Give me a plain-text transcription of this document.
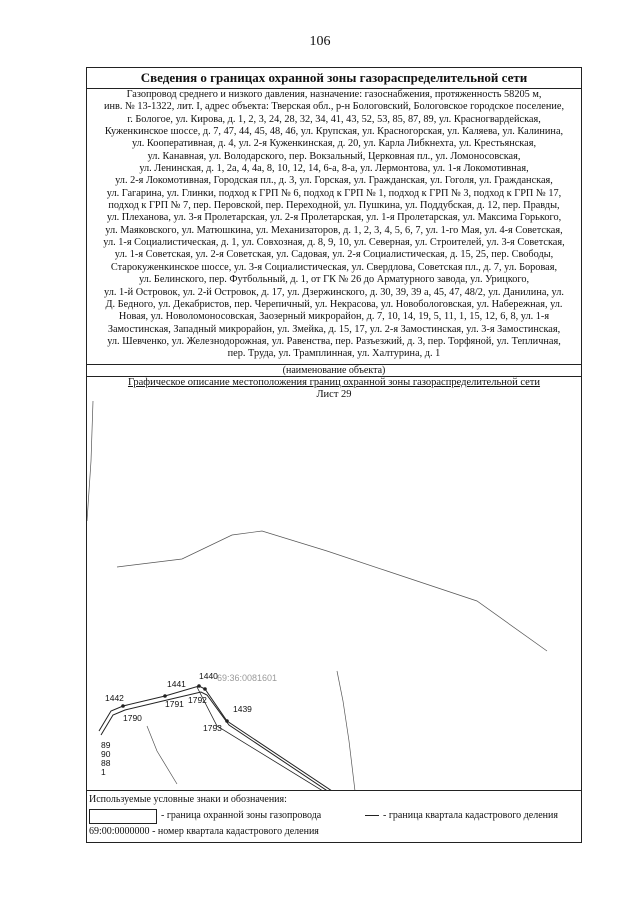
106
Сведения о границах охранной зоны газораспределительной сети
Газопровод среднего и низкого давления, назначение: газоснабжения, протяженность 58205 м,
инв. № 13-1322, лит. I, адрес объекта: Тверская обл., р-н Бологовский, Бологовское городское поселение,
г. Бологое, ул. Кирова, д. 1, 2, 3, 24, 28, 32, 34, 41, 43, 52, 53, 85, 87, 89, ул. Красногвардейская,
Куженкинское шоссе, д. 7, 47, 44, 45, 48, 46, ул. Крупская, ул. Красногорская, ул. Каляева, ул. Калинина,
ул. Кооперативная, д. 4, ул. 2-я Куженкинская, д. 20, ул. Карла Либкнехта, ул. Крестьянская,
ул. Канавная, ул. Володарского, пер. Вокзальный, Церковная пл., ул. Ломоносовская,
ул. Ленинская, д. 1, 2а, 4, 4а, 8, 10, 12, 14, 6-а, 8-а, ул. Лермонтова, ул. 1-я Локомотивная,
ул. 2-я Локомотивная, Городская пл., д. 3, ул. Горская, ул. Гражданская, ул. Гоголя, ул. Гражданская,
ул. Гагарина, ул. Глинки, подход к ГРП № 6, подход к ГРП № 1, подход к ГРП № 3, подход к ГРП № 17,
подход к ГРП № 7, пер. Перовской, пер. Переходной, ул. Пушкина, ул. Поддубская, д. 12, пер. Правды,
ул. Плеханова, ул. 3-я Пролетарская, ул. 2-я Пролетарская, ул. 1-я Пролетарская, ул. Максима Горького,
ул. Маяковского, ул. Матюшкина, ул. Механизаторов, д. 1, 2, 3, 4, 5, 6, 7, ул. 1-го Мая, ул. 4-я Советская,
ул. 1-я Социалистическая, д. 1, ул. Совхозная, д. 8, 9, 10, ул. Северная, ул. Строителей, ул. 3-я Советская,
ул. 1-я Советская, ул. 2-я Советская, ул. Садовая, ул. 2-я Социалистическая, д. 15, 25, пер. Свободы,
Старокуженкинское шоссе, ул. 3-я Социалистическая, ул. Свердлова, Советская пл., д. 7, ул. Боровая,
ул. Белинского, пер. Футбольный, д. 1, от ГК № 26 до Арматурного завода, ул. Урицкого,
ул. 1-й Островок, ул. 2-й Островок, д. 17, ул. Дзержинского, д. 30, 39, 39 а, 45, 47, 48/2, ул. Данилина, ул.
Д. Бедного, ул. Декабристов, пер. Черепичный, ул. Некрасова, ул. Новобологовская, ул. Набережная, ул.
Новая, ул. Новоломоносовская, Заозерный микрорайон, д. 7, 10, 14, 19, 5, 11, 1, 15, 12, 6, 8, ул. 1-я
Замостинская, Западный микрорайон, ул. Змейка, д. 15, 17, ул. 2-я Замостинская, ул. 3-я Замостинская,
ул. Шевченко, ул. Железнодорожная, ул. Равенства, пер. Разъезжий, д. 3, пер. Торфяной, ул. Тепличная,
пер. Труда, ул. Трамплинная, ул. Халтурина, д. 1
(наименование объекта)
Графическое описание местоположения границ охранной зоны газораспределительной сети
Лист 29
1442
1441
1440 69:36:0081601
1790
1791 1792
1793
1439
89
90
88
1
Используемые условные знаки и обозначения:
- граница охранной зоны газопровода	- граница квартала кадастрового деления
69:00:0000000 - номер квартала кадастрового деления
